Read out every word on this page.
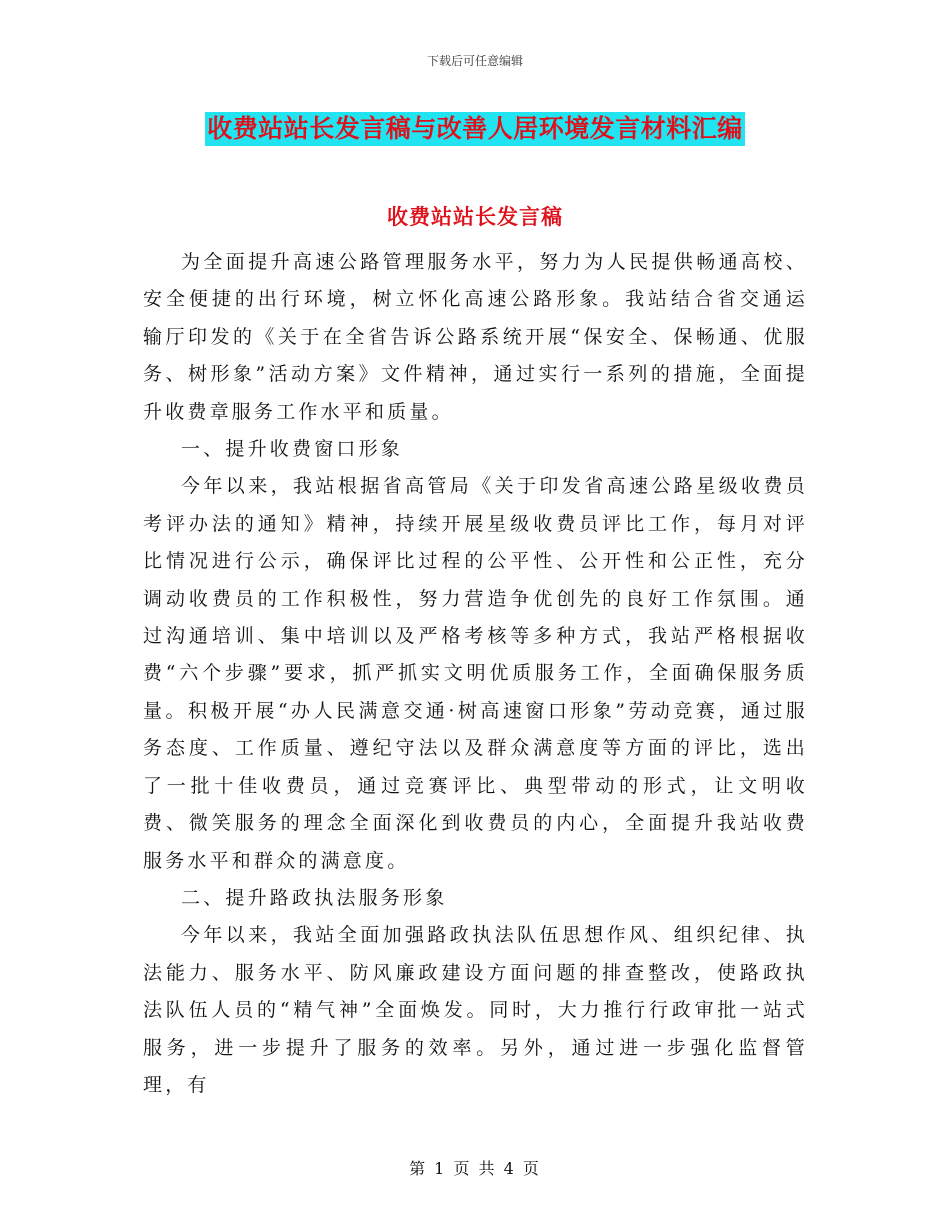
下载后可任意编辑
收费站站长发言稿与改善人居环境发言材料汇编
收费站站长发言稿

为全面提升高速公路管理服务水平，努力为人民提供畅通高校、安全便捷的出行环境，树立怀化高速公路形象。我站结合省交通运输厅印发的《关于在全省告诉公路系统开展“保安全、保畅通、优服务、树形象”活动方案》文件精神，通过实行一系列的措施，全面提升收费章服务工作水平和质量。

一、提升收费窗口形象

今年以来，我站根据省高管局《关于印发省高速公路星级收费员考评办法的通知》精神，持续开展星级收费员评比工作，每月对评比情况进行公示，确保评比过程的公平性、公开性和公正性，充分调动收费员的工作积极性，努力营造争优创先的良好工作氛围。通过沟通培训、集中培训以及严格考核等多种方式，我站严格根据收费“六个步骤”要求，抓严抓实文明优质服务工作，全面确保服务质量。积极开展“办人民满意交通·树高速窗口形象”劳动竞赛，通过服务态度、工作质量、遵纪守法以及群众满意度等方面的评比，选出了一批十佳收费员，通过竞赛评比、典型带动的形式，让文明收费、微笑服务的理念全面深化到收费员的内心，全面提升我站收费服务水平和群众的满意度。

二、提升路政执法服务形象

今年以来，我站全面加强路政执法队伍思想作风、组织纪律、执法能力、服务水平、防风廉政建设方面问题的排查整改，使路政执法队伍人员的“精气神”全面焕发。同时，大力推行行政审批一站式服务，进一步提升了服务的效率。另外，通过进一步强化监督管理，有

第 1 页 共 4 页
